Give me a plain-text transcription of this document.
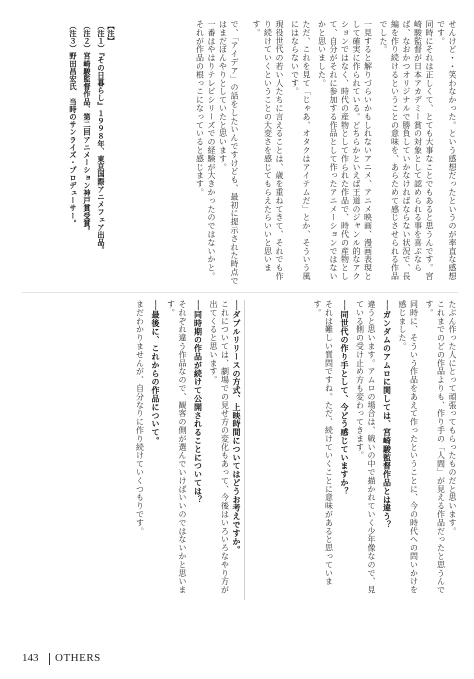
せんけど・・笑わなかった。という感想だったというのが率直な感想です。

同時にそれは正しくて、とても大事なことでもあると思うんです。宮崎駿監督が日本アカデミー賞の対象として認められる事を喜ぶならば、なおかつオリジナルで勝負していかなければならない状況で、長編を作り続けるということの意味を、あらためて感じさせられる作品でした。

一見すると解りづらいかもしれないアニメ、アニメ映画、漫画表現として確実に作られている。どちらかといえば王道のジャンル的なアクションではなく、時代の産物として作られた作品で、時代の産物として、自分がそれに参加する作品として作ったアニメーションではないかと思いました。

ただ、これを見て「じゃあ、オタクはアイテムだ」とか、そういう風にはならないです。

現役世代の若い人たちに言えることは、歳を重ねてきて、それでも作り続けていくということの大変さを感じてもらえたらいいと思います。

で、「アイデア」の話をしたいんですけども、最初に提示された時点ではまだぼんやりとしていたと思います。

一番はやはりテレビシリーズでの経験が大きかったのではないかと。それが作品の根っこになっていると感じます。

【注】

（注１）『その日暮らし』１９９８年、東京国際アニメフェア出品。

（注２）宮崎駿監督作品、第二回アニメーション神戸賞受賞。

（注３）野田昌宏氏　当時のサンライズ・プロデューサー。

たぶん作った人にとって頑張ってもらったものだと思います。

これまでのどの作品よりも、作り手の「人間」が見える作品だったと思うんです。

同時に、そういう作品をあえて作ったということに、今の時代への問いかけを感じました。

──ガンダムのアムロに関しては、宮崎駿監督作品とは違う？

違うと思います。アムロの場合は、戦いの中で描かれていく少年像なので、見ている側の受け止め方も変わってきます。

──同世代の作り手として、今どう感じていますか？

それは難しい質問ですね。ただ、続けていくことに意味があると思っています。

──ダブルリリースの方式、上映時間についてはどうお考えですか。

これについては、劇場での見せ方の変化もあって、今後はいろいろなやり方が出てくると思います。

──同時期の作品が続けて公開されることについては？

それぞれ違う作品なので、観客の側が選んでいけばいいのではないかと思います。

──最後に、これからの作品について。

まだわかりませんが、自分なりに作り続けていくつもりです。

143 OTHERS
